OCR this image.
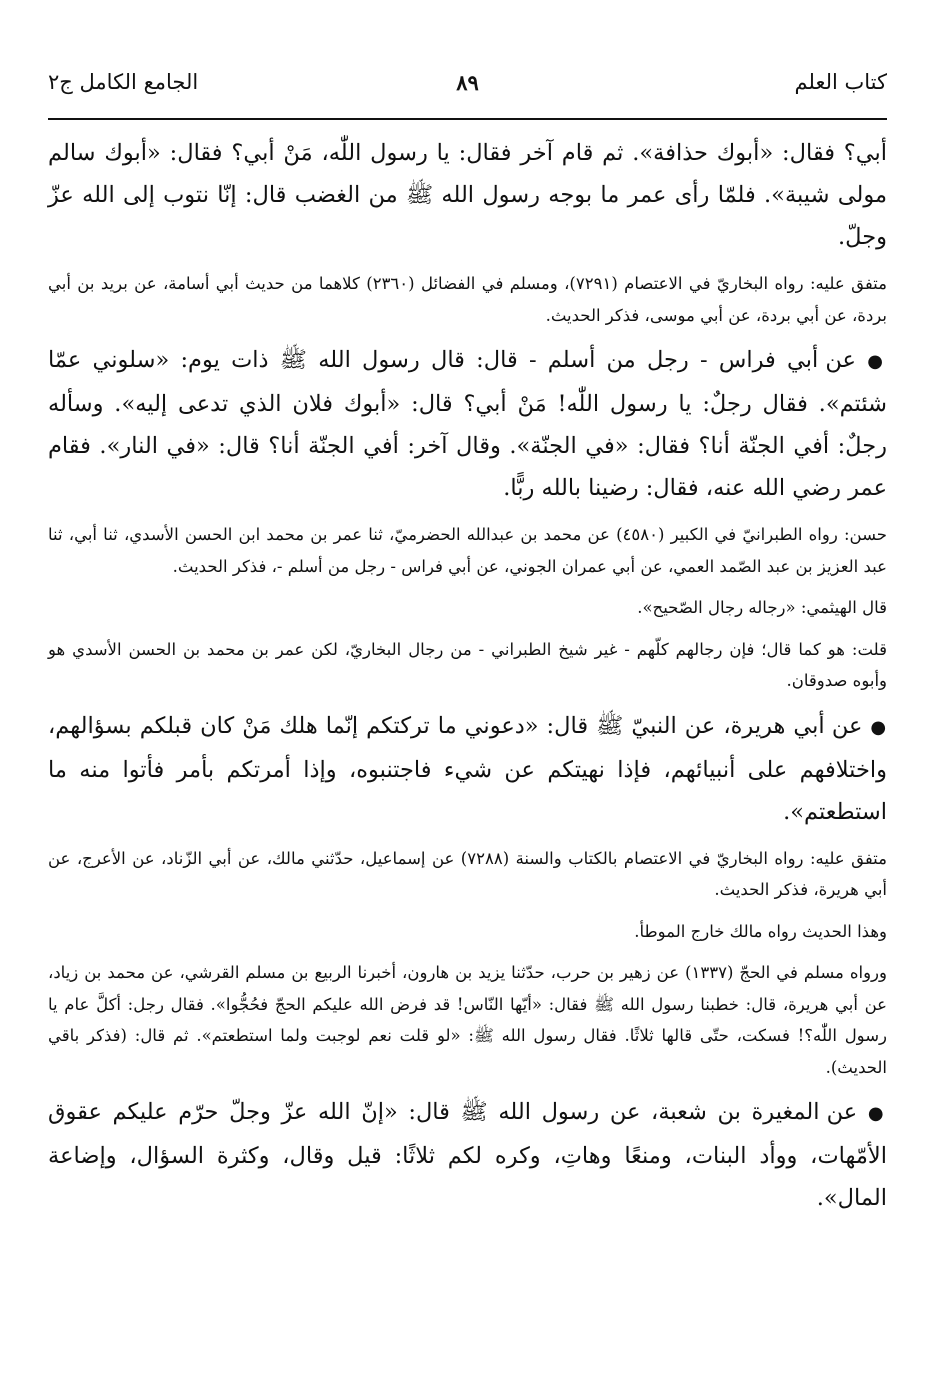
كتاب العلم
٨٩
الجامع الكامل ج٢

أبي؟ فقال: «أبوك حذافة». ثم قام آخر فقال: يا رسول اللّٰه، مَنْ أبي؟ فقال: «أبوك سالم مولى شيبة». فلمّا رأى عمر ما بوجه رسول الله ﷺ من الغضب قال: إنّا نتوب إلى الله عزّ وجلّ.

متفق عليه: رواه البخاريّ في الاعتصام (٧٢٩١)، ومسلم في الفضائل (٢٣٦٠) كلاهما من حديث أبي أسامة، عن بريد بن أبي بردة، عن أبي بردة، عن أبي موسى، فذكر الحديث.

● عن أبي فراس - رجل من أسلم - قال: قال رسول الله ﷺ ذات يوم: «سلوني عمّا شئتم». فقال رجلٌ: يا رسول اللّٰه! مَنْ أبي؟ قال: «أبوك فلان الذي تدعى إليه». وسأله رجلٌ: أفي الجنّة أنا؟ فقال: «في الجنّة». وقال آخر: أفي الجنّة أنا؟ قال: «في النار». فقام عمر رضي الله عنه، فقال: رضينا بالله ربًّا.

حسن: رواه الطبرانيّ في الكبير (٤٥٨٠) عن محمد بن عبدالله الحضرميّ، ثنا عمر بن محمد ابن الحسن الأسدي، ثنا أبي، ثنا عبد العزيز بن عبد الصّمد العمي، عن أبي عمران الجوني، عن أبي فراس - رجل من أسلم -، فذكر الحديث.

قال الهيثمي: «رجاله رجال الصّحيح».

قلت: هو كما قال؛ فإن رجالهم كلّهم - غير شيخ الطبراني - من رجال البخاريّ، لكن عمر بن محمد بن الحسن الأسدي هو وأبوه صدوقان.

● عن أبي هريرة، عن النبيّ ﷺ قال: «دعوني ما تركتكم إنّما هلك مَنْ كان قبلكم بسؤالهم، واختلافهم على أنبيائهم، فإذا نهيتكم عن شيء فاجتنبوه، وإذا أمرتكم بأمر فأتوا منه ما استطعتم».

متفق عليه: رواه البخاريّ في الاعتصام بالكتاب والسنة (٧٢٨٨) عن إسماعيل، حدّثني مالك، عن أبي الزّناد، عن الأعرج، عن أبي هريرة، فذكر الحديث.

وهذا الحديث رواه مالك خارج الموطأ.

ورواه مسلم في الحجّ (١٣٣٧) عن زهير بن حرب، حدّثنا يزيد بن هارون، أخبرنا الربيع بن مسلم القرشي، عن محمد بن زياد، عن أبي هريرة، قال: خطبنا رسول الله ﷺ فقال: «أيّها النّاس! قد فرض الله عليكم الحجّ فحُجُّوا». فقال رجل: أكلَّ عام يا رسول اللّٰه؟! فسكت، حتّى قالها ثلاثًا. فقال رسول الله ﷺ: «لو قلت نعم لوجبت ولما استطعتم». ثم قال: (فذكر باقي الحديث).

● عن المغيرة بن شعبة، عن رسول الله ﷺ قال: «إنّ الله عزّ وجلّ حرّم عليكم عقوق الأمّهات، ووأد البنات، ومنعًا وهاتِ، وكره لكم ثلاثًا: قيل وقال، وكثرة السؤال، وإضاعة المال».
